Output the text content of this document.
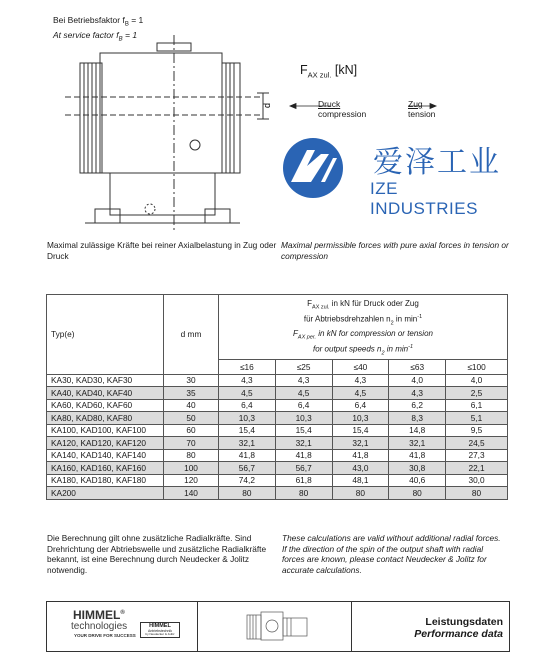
Bei Betriebsfaktor $f_B = 1$
At service factor $f_B = 1$
d
$F_{AX zul.}$ [kN]
Druck
compression
Zug
tension
爱泽工业
IZE INDUSTRIES
Maximal zulässige Kräfte bei reiner Axialbelastung in Zug oder Druck
Maximal permissible forces with pure axial forces in tension or compression
Typ(e)	d mm	$F_{AX zul.}$ in kN für Druck oder Zug
für Abtriebsdrehzahlen $n_2$ in $\min^{-1}$
$F_{AX per.}$ in kN for compression or tension
for output speeds $n_2$ in $\min^{-1}$

		≤16	≤25	≤40	≤63	≤100
KA30, KAD30, KAF30	30	4,3	4,3	4,3	4,0	4,0
KA40, KAD40, KAF40	35	4,5	4,5	4,5	4,3	2,5
KA60, KAD60, KAF60	40	6,4	6,4	6,4	6,2	6,1
KA80, KAD80, KAF80	50	10,3	10,3	10,3	8,3	5,1
KA100, KAD100, KAF100	60	15,4	15,4	15,4	14,8	9,5
KA120, KAD120, KAF120	70	32,1	32,1	32,1	32,1	24,5
KA140, KAD140, KAF140	80	41,8	41,8	41,8	41,8	27,3
KA160, KAD160, KAF160	100	56,7	56,7	43,0	30,8	22,1
KA180, KAD180, KAF180	120	74,2	61,8	48,1	40,6	30,0
KA200	140	80	80	80	80	80
Die Berechnung gilt ohne zusätzliche Radialkräfte. Sind Drehrichtung der Abtriebswelle und zusätzliche Radialkräfte bekannt, ist eine Berechnung durch Neudecker & Jolitz notwendig.
These calculations are valid without additional radial forces. If the direction of the spin of the output shaft with radial forces are known, please contact Neudecker & Jolitz for accurate calculations.
HIMMEL®
technologies
YOUR DRIVE FOR SUCCESS
HIMMEL
Antriebstechnik
by Neudecker & Jolitz
Leistungsdaten
Performance data
